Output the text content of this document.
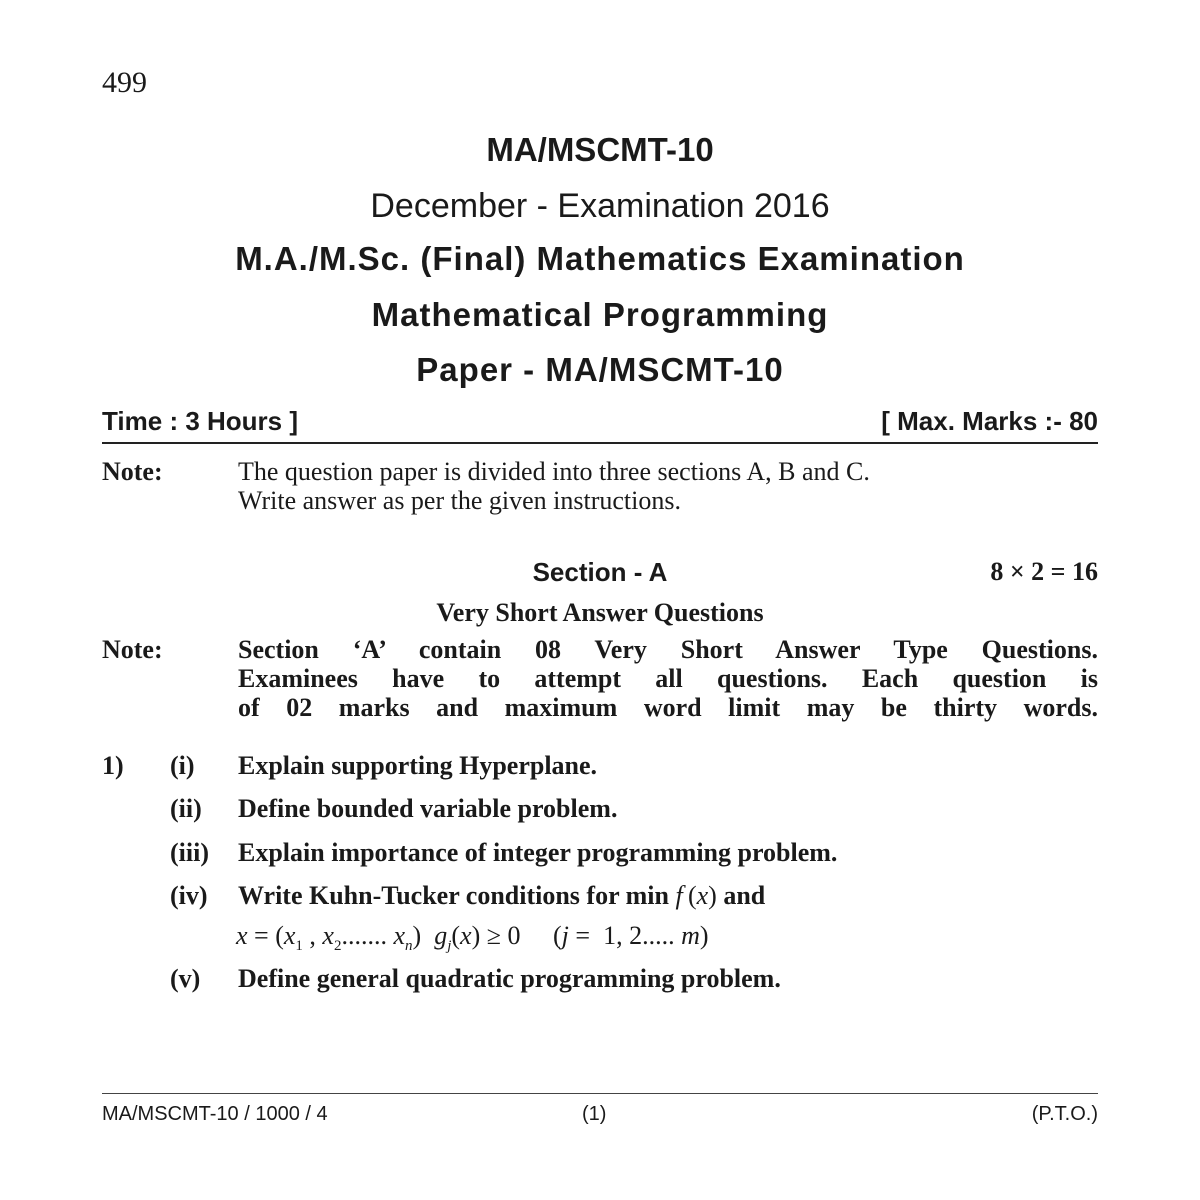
499
MA/MSCMT-10
December - Examination 2016
M.A./M.Sc. (Final) Mathematics Examination
Mathematical Programming
Paper - MA/MSCMT-10
Time : 3 Hours ]	[ Max. Marks :- 80
Note:	The question paper is divided into three sections A, B and C.
Write answer as per the given instructions.
Section - A	8 × 2 = 16
Very Short Answer Questions
Note:	Section ‘A’ contain 08 Very Short Answer Type Questions.
Examinees have to attempt all questions. Each question is
of 02 marks and maximum word limit may be thirty words.
1) (i) Explain supporting Hyperplane.
(ii) Define bounded variable problem.
(iii) Explain importance of integer programming problem.
(iv) Write Kuhn-Tucker conditions for min f (x) and
$x = (x_1$ , $x_2$....... $x_n$)  $g_j(x) \ge 0$     (j =  1, 2..... m)
(v) Define general quadratic programming problem.
MA/MSCMT-10 / 1000 / 4	(1)	(P.T.O.)
